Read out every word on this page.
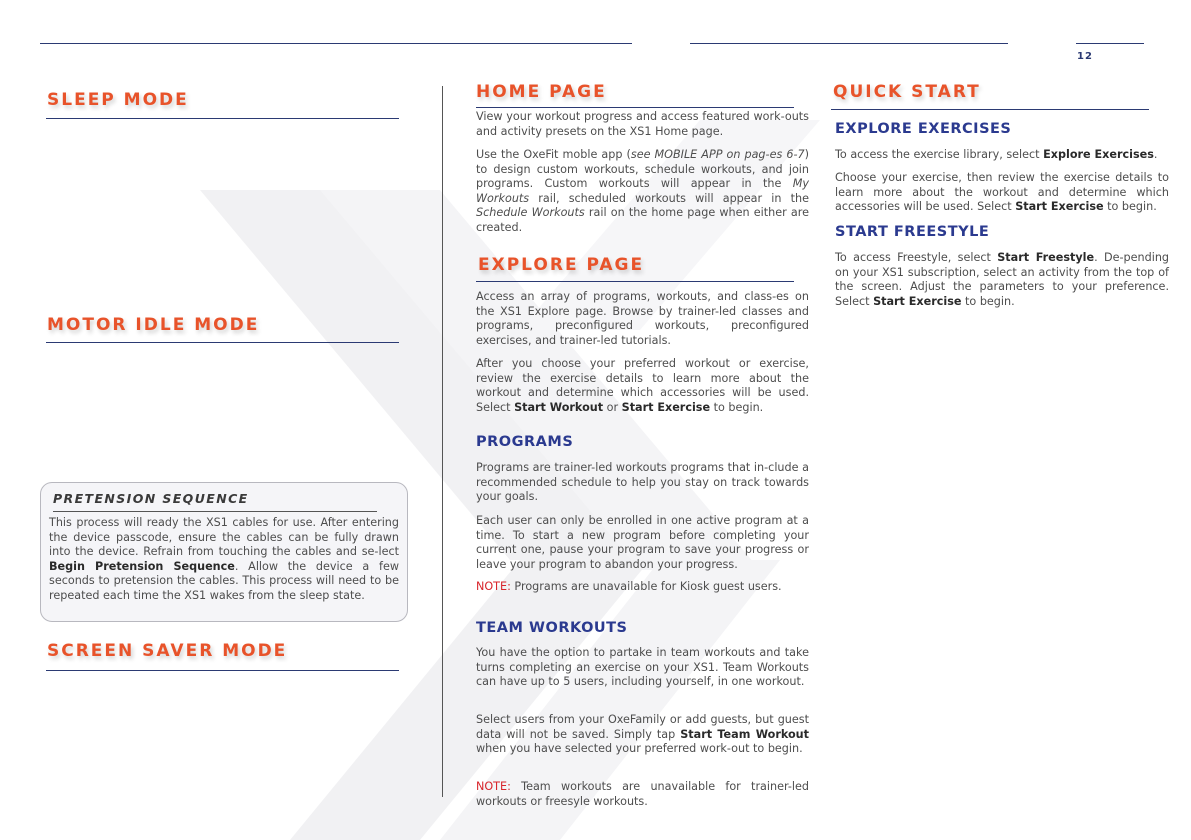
12
SLEEP MODE
MOTOR IDLE MODE
PRETENSION SEQUENCE

This process will ready the XS1 cables for use. After entering the device passcode, ensure the cables can be fully drawn into the device. Refrain from touching the cables and se-lect Begin Pretension Sequence. Allow the device a few seconds to pretension the cables. This process will need to be repeated each time the XS1 wakes from the sleep state.

SCREEN SAVER MODE
HOME PAGE

View your workout progress and access featured work-outs and activity presets on the XS1 Home page.

Use the OxeFit moble app (see MOBILE APP on pag-es 6-7) to design custom workouts, schedule workouts, and join programs. Custom workouts will appear in the My Workouts rail, scheduled workouts will appear in the Schedule Workouts rail on the home page when either are created.

EXPLORE PAGE

Access an array of programs, workouts, and class-es on the XS1 Explore page. Browse by trainer-led classes and programs, preconfigured workouts, preconfigured exercises, and trainer-led tutorials.

After you choose your preferred workout or exercise, review the exercise details to learn more about the workout and determine which accessories will be used. Select Start Workout or Start Exercise to begin.

PROGRAMS

Programs are trainer-led workouts programs that in-clude a recommended schedule to help you stay on track towards your goals.

Each user can only be enrolled in one active program at a time. To start a new program before completing your current one, pause your program to save your progress or leave your program to abandon your progress.

NOTE: Programs are unavailable for Kiosk guest users.

TEAM WORKOUTS

You have the option to partake in team workouts and take turns completing an exercise on your XS1. Team Workouts can have up to 5 users, including yourself, in one workout.

Select users from your OxeFamily or add guests, but guest data will not be saved. Simply tap Start Team Workout when you have selected your preferred work-out to begin.

NOTE: Team workouts are unavailable for trainer-led workouts or freesyle workouts.

QUICK START
EXPLORE EXERCISES

To access the exercise library, select Explore Exercises.

Choose your exercise, then review the exercise details to learn more about the workout and determine which accessories will be used. Select Start Exercise to begin.

START FREESTYLE

To access Freestyle, select Start Freestyle. De-pending on your XS1 subscription, select an activity from the top of the screen. Adjust the parameters to your preference. Select Start Exercise to begin.
